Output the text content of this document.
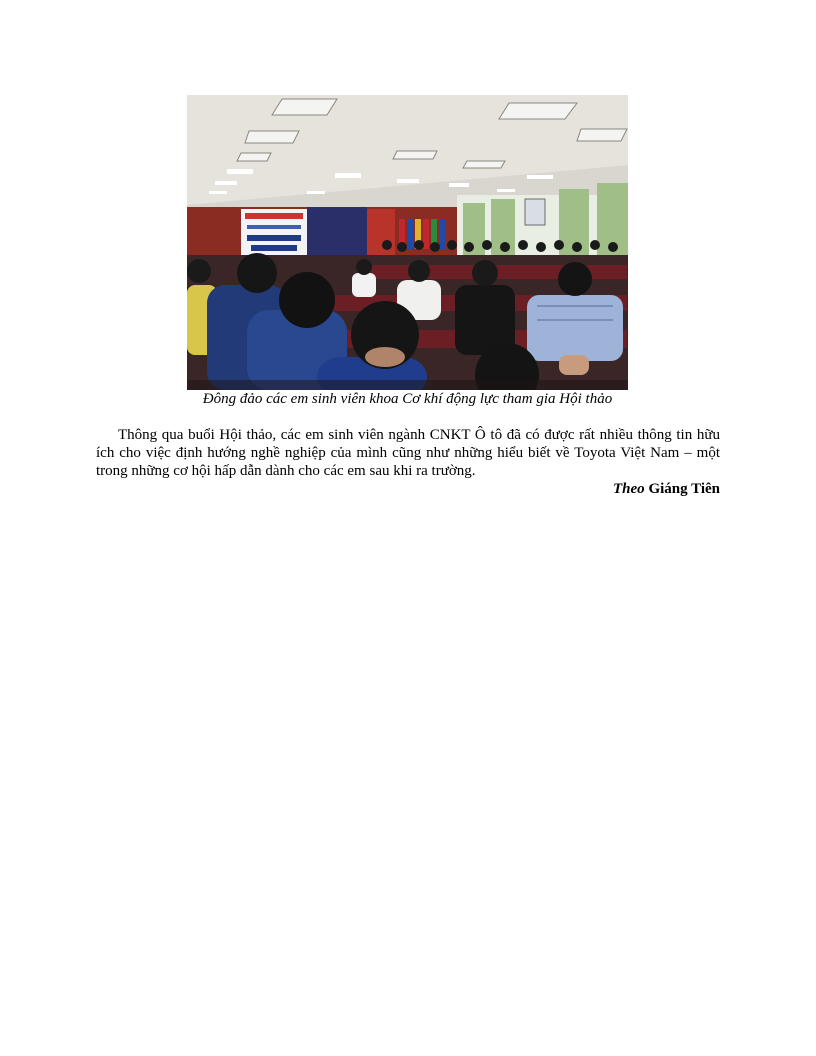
Đông đảo các em sinh viên khoa Cơ khí động lực tham gia Hội thảo

Thông qua buổi Hội thảo, các em sinh viên ngành CNKT Ô tô đã có được rất nhiều thông tin hữu ích cho việc định hướng nghề nghiệp của mình cũng như những hiểu biết về Toyota Việt Nam – một trong những cơ hội hấp dẫn dành cho các em sau khi ra trường.

Theo Giáng Tiên
